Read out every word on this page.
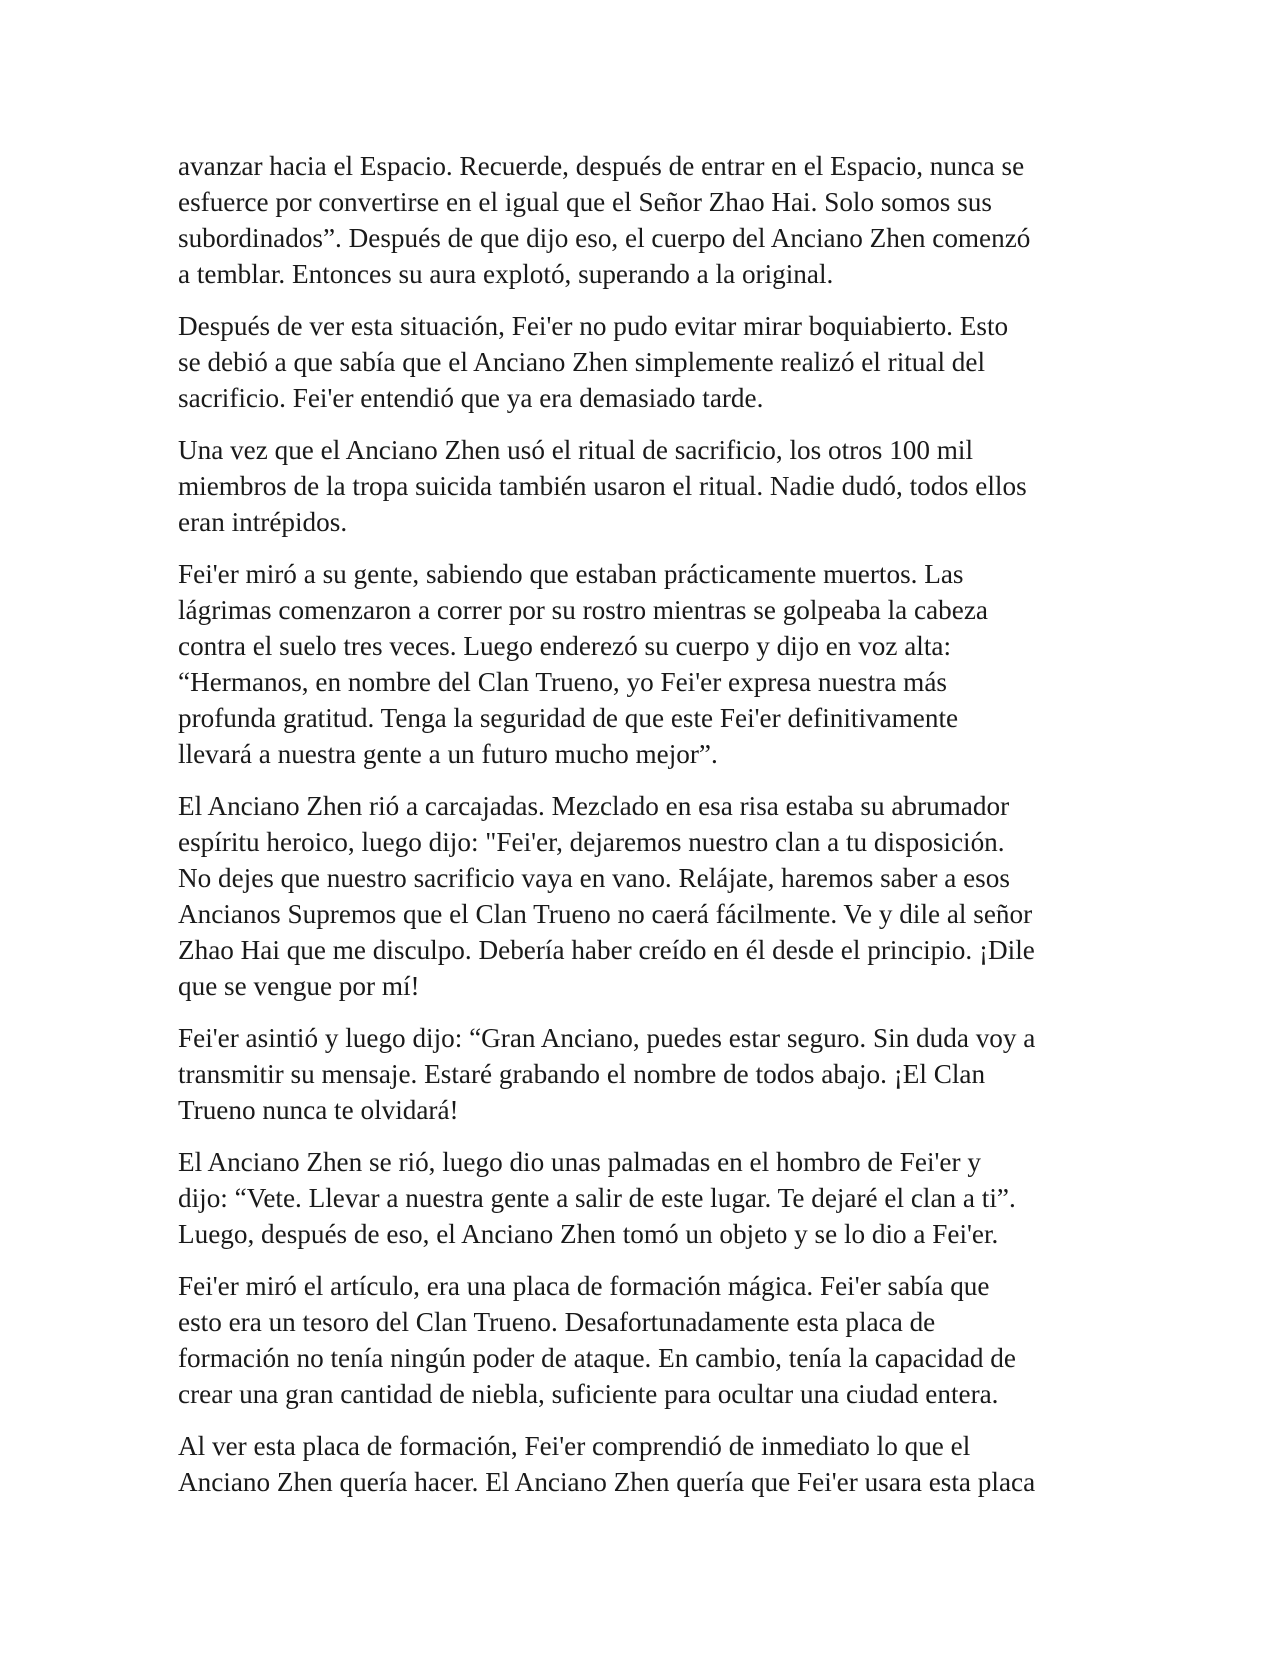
avanzar hacia el Espacio. Recuerde, después de entrar en el Espacio, nunca se
esfuerce por convertirse en el igual que el Señor Zhao Hai. Solo somos sus
subordinados”. Después de que dijo eso, el cuerpo del Anciano Zhen comenzó
a temblar. Entonces su aura explotó, superando a la original.

Después de ver esta situación, Fei'er no pudo evitar mirar boquiabierto. Esto
se debió a que sabía que el Anciano Zhen simplemente realizó el ritual del
sacrificio. Fei'er entendió que ya era demasiado tarde.

Una vez que el Anciano Zhen usó el ritual de sacrificio, los otros 100 mil
miembros de la tropa suicida también usaron el ritual. Nadie dudó, todos ellos
eran intrépidos.

Fei'er miró a su gente, sabiendo que estaban prácticamente muertos. Las
lágrimas comenzaron a correr por su rostro mientras se golpeaba la cabeza
contra el suelo tres veces. Luego enderezó su cuerpo y dijo en voz alta:
“Hermanos, en nombre del Clan Trueno, yo Fei'er expresa nuestra más
profunda gratitud. Tenga la seguridad de que este Fei'er definitivamente
llevará a nuestra gente a un futuro mucho mejor”.

El Anciano Zhen rió a carcajadas. Mezclado en esa risa estaba su abrumador
espíritu heroico, luego dijo: "Fei'er, dejaremos nuestro clan a tu disposición.
No dejes que nuestro sacrificio vaya en vano. Relájate, haremos saber a esos
Ancianos Supremos que el Clan Trueno no caerá fácilmente. Ve y dile al señor
Zhao Hai que me disculpo. Debería haber creído en él desde el principio. ¡Dile
que se vengue por mí!

Fei'er asintió y luego dijo: “Gran Anciano, puedes estar seguro. Sin duda voy a
transmitir su mensaje. Estaré grabando el nombre de todos abajo. ¡El Clan
Trueno nunca te olvidará!

El Anciano Zhen se rió, luego dio unas palmadas en el hombro de Fei'er y
dijo: “Vete. Llevar a nuestra gente a salir de este lugar. Te dejaré el clan a ti”.
Luego, después de eso, el Anciano Zhen tomó un objeto y se lo dio a Fei'er.

Fei'er miró el artículo, era una placa de formación mágica. Fei'er sabía que
esto era un tesoro del Clan Trueno. Desafortunadamente esta placa de
formación no tenía ningún poder de ataque. En cambio, tenía la capacidad de
crear una gran cantidad de niebla, suficiente para ocultar una ciudad entera.

Al ver esta placa de formación, Fei'er comprendió de inmediato lo que el
Anciano Zhen quería hacer. El Anciano Zhen quería que Fei'er usara esta placa
